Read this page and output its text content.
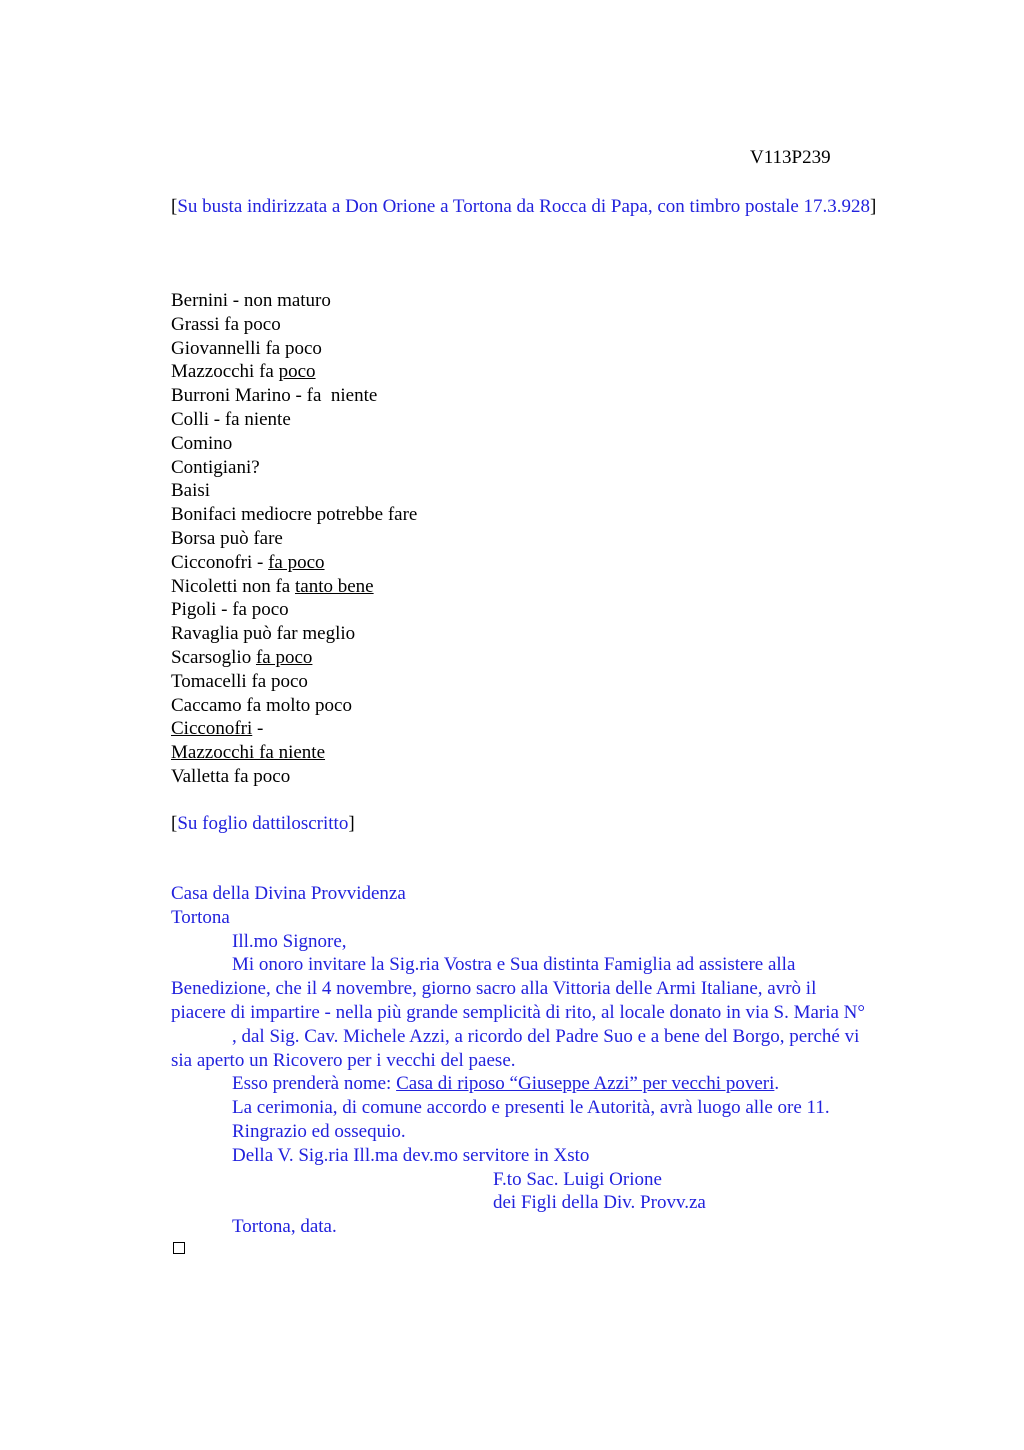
V113P239
[Su busta indirizzata a Don Orione a Tortona da Rocca di Papa, con timbro postale 17.3.928]
Bernini - non maturo
Grassi fa poco
Giovannelli fa poco
Mazzocchi fa poco
Burroni Marino - fa  niente
Colli - fa niente
Comino
Contigiani?
Baisi
Bonifaci mediocre potrebbe fare
Borsa può fare
Cicconofri - fa poco
Nicoletti non fa tanto bene
Pigoli - fa poco
Ravaglia può far meglio
Scarsoglio fa poco
Tomacelli fa poco
Caccamo fa molto poco
Cicconofri -
Mazzocchi fa niente
Valletta fa poco
[Su foglio dattiloscritto]
Casa della Divina Provvidenza
Tortona
Ill.mo Signore,
Mi onoro invitare la Sig.ria Vostra e Sua distinta Famiglia ad assistere alla
Benedizione, che il 4 novembre, giorno sacro alla Vittoria delle Armi Italiane, avrò il
piacere di impartire - nella più grande semplicità di rito, al locale donato in via S. Maria N°
, dal Sig. Cav. Michele Azzi, a ricordo del Padre Suo e a bene del Borgo, perché vi
sia aperto un Ricovero per i vecchi del paese.
Esso prenderà nome: Casa di riposo “Giuseppe Azzi” per vecchi poveri.
La cerimonia, di comune accordo e presenti le Autorità, avrà luogo alle ore 11.
Ringrazio ed ossequio.
Della V. Sig.ria Ill.ma dev.mo servitore in Xsto
F.to Sac. Luigi Orione
dei Figli della Div. Provv.za
Tortona, data.
